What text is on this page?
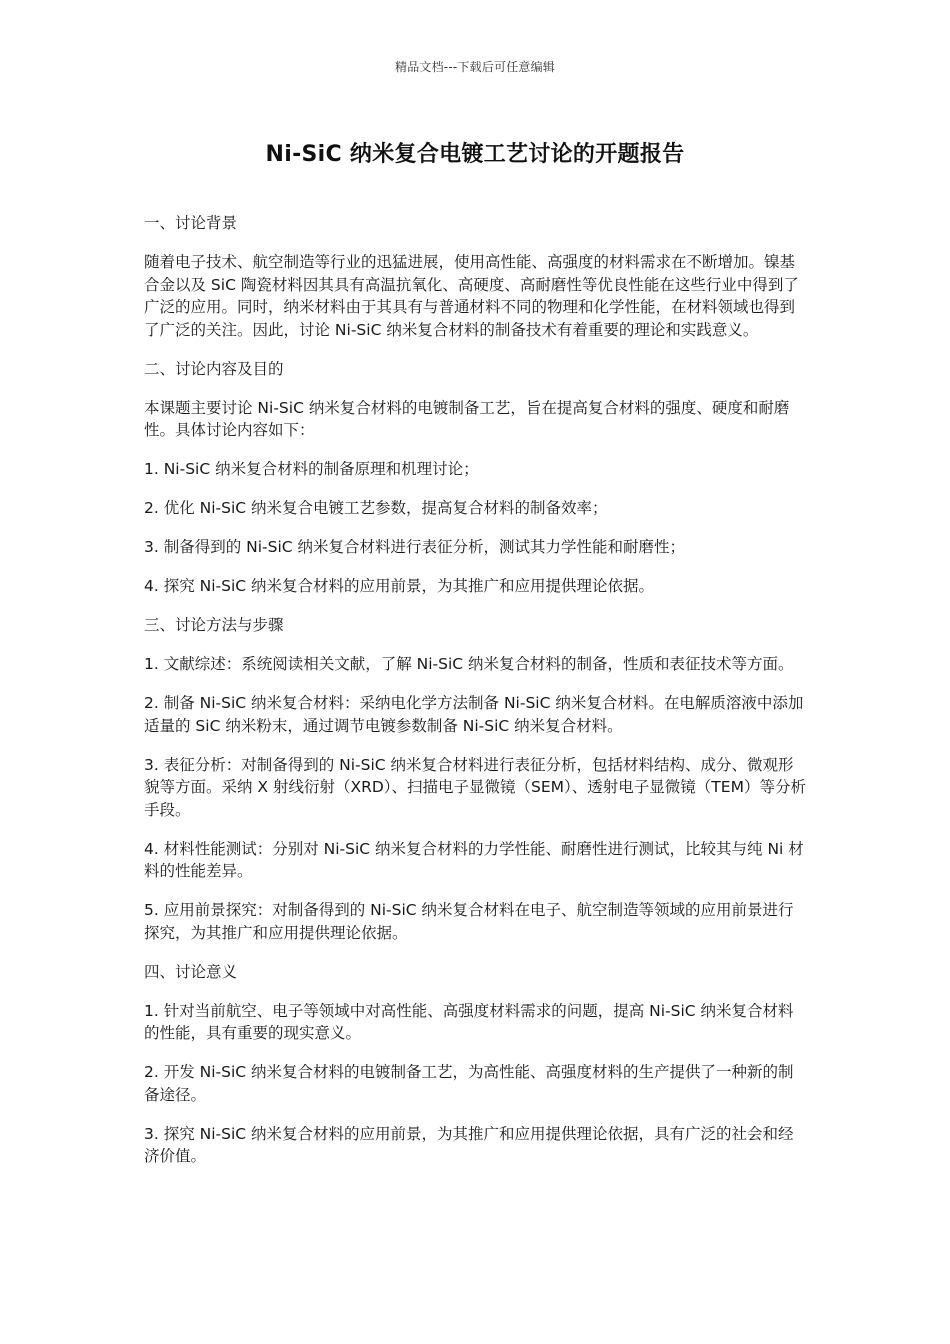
精品文档---下载后可任意编辑
Ni-SiC 纳米复合电镀工艺讨论的开题报告

一、讨论背景

随着电子技术、航空制造等行业的迅猛进展，使用高性能、高强度的材料需求在不断增加。镍基合金以及 SiC 陶瓷材料因其具有高温抗氧化、高硬度、高耐磨性等优良性能在这些行业中得到了广泛的应用。同时，纳米材料由于其具有与普通材料不同的物理和化学性能，在材料领域也得到了广泛的关注。因此，讨论 Ni-SiC 纳米复合材料的制备技术有着重要的理论和实践意义。

二、讨论内容及目的

本课题主要讨论 Ni-SiC 纳米复合材料的电镀制备工艺，旨在提高复合材料的强度、硬度和耐磨性。具体讨论内容如下：

1. Ni-SiC 纳米复合材料的制备原理和机理讨论；

2. 优化 Ni-SiC 纳米复合电镀工艺参数，提高复合材料的制备效率；

3. 制备得到的 Ni-SiC 纳米复合材料进行表征分析，测试其力学性能和耐磨性；

4. 探究 Ni-SiC 纳米复合材料的应用前景，为其推广和应用提供理论依据。

三、讨论方法与步骤

1. 文献综述：系统阅读相关文献，了解 Ni-SiC 纳米复合材料的制备，性质和表征技术等方面。

2. 制备 Ni-SiC 纳米复合材料：采纳电化学方法制备 Ni-SiC 纳米复合材料。在电解质溶液中添加适量的 SiC 纳米粉末，通过调节电镀参数制备 Ni-SiC 纳米复合材料。

3. 表征分析：对制备得到的 Ni-SiC 纳米复合材料进行表征分析，包括材料结构、成分、微观形貌等方面。采纳 X 射线衍射（XRD）、扫描电子显微镜（SEM）、透射电子显微镜（TEM）等分析手段。

4. 材料性能测试：分别对 Ni-SiC 纳米复合材料的力学性能、耐磨性进行测试，比较其与纯 Ni 材料的性能差异。

5. 应用前景探究：对制备得到的 Ni-SiC 纳米复合材料在电子、航空制造等领域的应用前景进行探究，为其推广和应用提供理论依据。

四、讨论意义

1. 针对当前航空、电子等领域中对高性能、高强度材料需求的问题，提高 Ni-SiC 纳米复合材料的性能，具有重要的现实意义。

2. 开发 Ni-SiC 纳米复合材料的电镀制备工艺，为高性能、高强度材料的生产提供了一种新的制备途径。

3. 探究 Ni-SiC 纳米复合材料的应用前景，为其推广和应用提供理论依据，具有广泛的社会和经济价值。
